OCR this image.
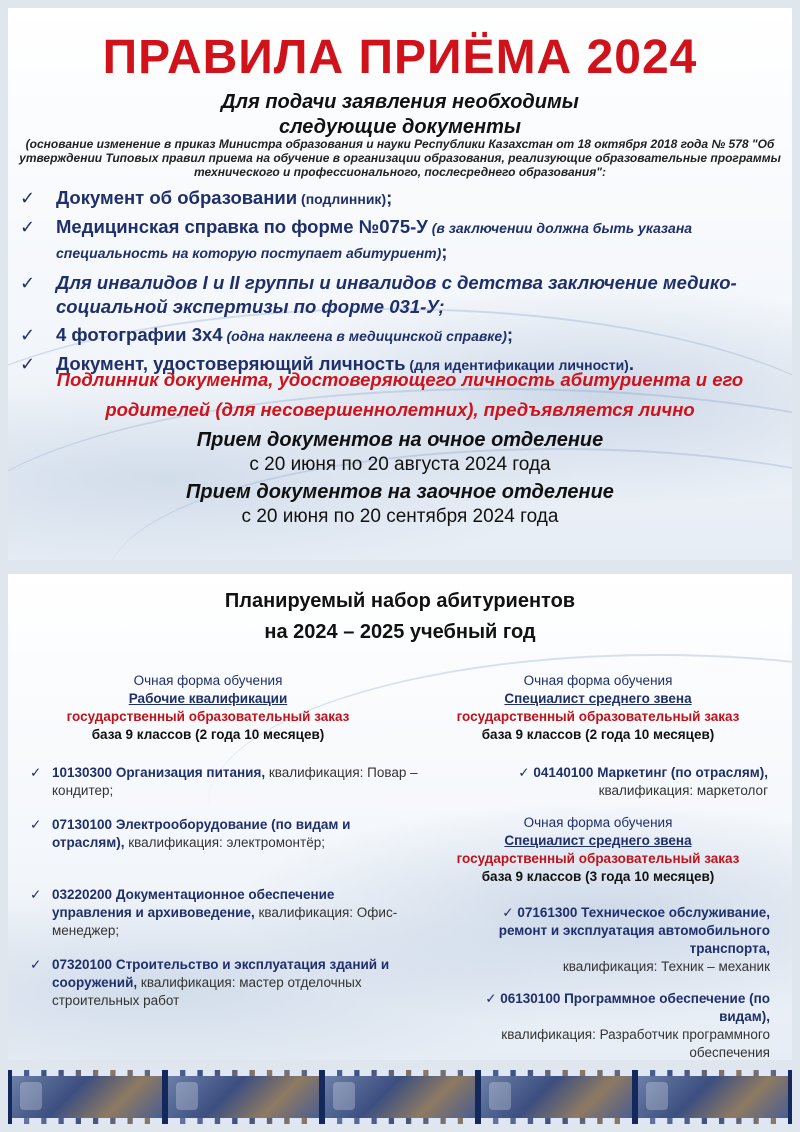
ПРАВИЛА ПРИЁМА 2024
Для подачи заявления необходимы
следующие документы
(основание изменение в приказ Министра образования и науки Республики Казахстан от 18 октября 2018 года № 578 "Об утверждении Типовых правил приема на обучение в организации образования, реализующие образовательные программы технического и профессионального, послесреднего образования":
✓ Документ об образовании (подлинник);
✓ Медицинская справка по форме №075-У (в заключении должна быть указана специальность на которую поступает абитуриент);
✓ Для инвалидов I и II группы и инвалидов с детства заключение медико-социальной экспертизы по форме 031-У;
✓ 4 фотографии 3х4 (одна наклеена в медицинской справке);
✓ Документ, удостоверяющий личность (для идентификации личности).
Подлинник документа, удостоверяющего личность абитуриента и его родителей (для несовершеннолетних), предъявляется лично
Прием документов на очное отделение
с 20 июня по 20 августа 2024 года
Прием документов на заочное отделение
с 20 июня по 20 сентября 2024 года
Планируемый набор абитуриентов
на 2024 – 2025 учебный год
Очная форма обучения
Рабочие квалификации
государственный образовательный заказ
база 9 классов (2 года 10 месяцев)
✓ 10130300 Организация питания, квалификация: Повар – кондитер;
✓ 07130100 Электрооборудование (по видам и отраслям), квалификация: электромонтёр;
✓ 03220200 Документационное обеспечение управления и архивоведение, квалификация: Офис-менеджер;
✓ 07320100 Строительство и эксплуатация зданий и сооружений, квалификация: мастер отделочных строительных работ
Очная форма обучения
Специалист среднего звена
государственный образовательный заказ
база 9 классов (2 года 10 месяцев)
✓ 04140100 Маркетинг (по отраслям),
квалификация: маркетолог
Очная форма обучения
Специалист среднего звена
государственный образовательный заказ
база 9 классов (3 года 10 месяцев)
✓ 07161300 Техническое обслуживание, ремонт и эксплуатация автомобильного транспорта,
квалификация: Техник – механик
✓ 06130100 Программное обеспечение (по видам),
квалификация: Разработчик программного обеспечения
